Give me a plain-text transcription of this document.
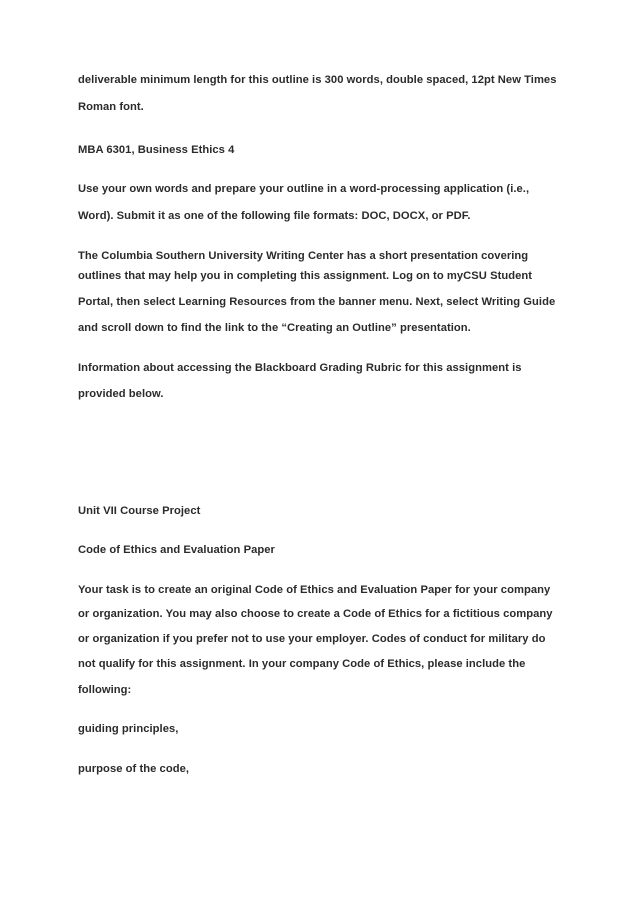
deliverable minimum length for this outline is 300 words, double spaced, 12pt New Times
Roman font.
MBA 6301, Business Ethics 4
Use your own words and prepare your outline in a word-processing application (i.e.,
Word). Submit it as one of the following file formats: DOC, DOCX, or PDF.
The Columbia Southern University Writing Center has a short presentation covering
outlines that may help you in completing this assignment. Log on to myCSU Student
Portal, then select Learning Resources from the banner menu. Next, select Writing Guide
and scroll down to find the link to the “Creating an Outline” presentation.
Information about accessing the Blackboard Grading Rubric for this assignment is
provided below.
Unit VII Course Project
Code of Ethics and Evaluation Paper
Your task is to create an original Code of Ethics and Evaluation Paper for your company
or organization. You may also choose to create a Code of Ethics for a fictitious company
or organization if you prefer not to use your employer. Codes of conduct for military do
not qualify for this assignment. In your company Code of Ethics, please include the
following:
guiding principles,
purpose of the code,
